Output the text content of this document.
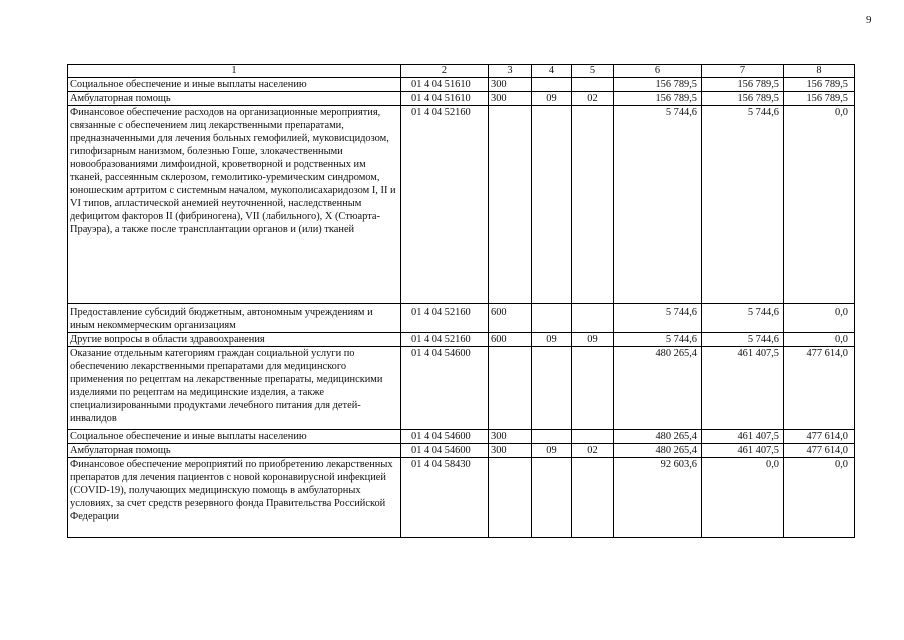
9
1	2	3	4	5	6	7	8
Социальное обеспечение и иные выплаты населению	01 4 04 51610	300			156 789,5	156 789,5	156 789,5
Амбулаторная помощь	01 4 04 51610	300	09	02	156 789,5	156 789,5	156 789,5
Финансовое обеспечение расходов на организационные мероприятия, связанные с обеспечением лиц лекарственными препаратами, предназначенными для лечения больных гемофилией, муковисцидозом, гипофизарным нанизмом, болезнью Гоше, злокачественными новообразованиями лимфоидной, кроветворной и родственных им тканей, рассеянным склерозом, гемолитико-уремическим синдромом, юношеским артритом с системным началом, мукополисахаридозом I, II и VI типов, апластической анемией неуточненной, наследственным дефицитом факторов II (фибриногена), VII (лабильного), X (Стюарта-Прауэра), а также после трансплантации органов и (или) тканей	01 4 04 52160				5 744,6	5 744,6	0,0
Предоставление субсидий бюджетным, автономным учреждениям и иным некоммерческим организациям	01 4 04 52160	600			5 744,6	5 744,6	0,0
Другие вопросы в области здравоохранения	01 4 04 52160	600	09	09	5 744,6	5 744,6	0,0
Оказание отдельным категориям граждан социальной услуги по обеспечению лекарственными препаратами для медицинского применения по рецептам на лекарственные препараты, медицинскими изделиями по рецептам на медицинские изделия, а также специализированными продуктами лечебного питания для детей-инвалидов	01 4 04 54600				480 265,4	461 407,5	477 614,0
Социальное обеспечение и иные выплаты населению	01 4 04 54600	300			480 265,4	461 407,5	477 614,0
Амбулаторная помощь	01 4 04 54600	300	09	02	480 265,4	461 407,5	477 614,0
Финансовое обеспечение мероприятий по приобретению лекарственных препаратов для лечения пациентов с новой коронавирусной инфекцией (COVID-19), получающих медицинскую помощь в амбулаторных условиях, за счет средств резервного фонда Правительства Российской Федерации	01 4 04 58430				92 603,6	0,0	0,0
